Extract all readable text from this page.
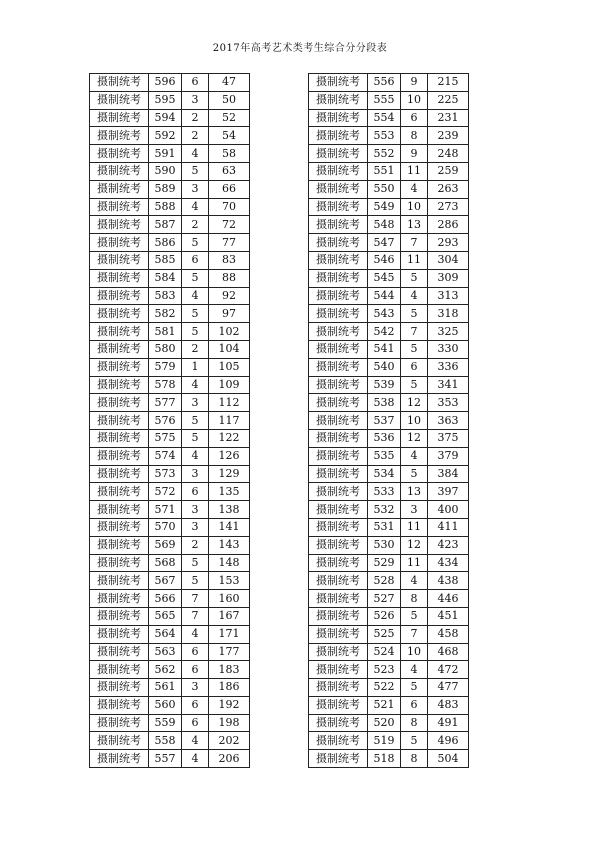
2017年高考艺术类考生综合分分段表
摄制统考	596	6	47
摄制统考	595	3	50
摄制统考	594	2	52
摄制统考	592	2	54
摄制统考	591	4	58
摄制统考	590	5	63
摄制统考	589	3	66
摄制统考	588	4	70
摄制统考	587	2	72
摄制统考	586	5	77
摄制统考	585	6	83
摄制统考	584	5	88
摄制统考	583	4	92
摄制统考	582	5	97
摄制统考	581	5	102
摄制统考	580	2	104
摄制统考	579	1	105
摄制统考	578	4	109
摄制统考	577	3	112
摄制统考	576	5	117
摄制统考	575	5	122
摄制统考	574	4	126
摄制统考	573	3	129
摄制统考	572	6	135
摄制统考	571	3	138
摄制统考	570	3	141
摄制统考	569	2	143
摄制统考	568	5	148
摄制统考	567	5	153
摄制统考	566	7	160
摄制统考	565	7	167
摄制统考	564	4	171
摄制统考	563	6	177
摄制统考	562	6	183
摄制统考	561	3	186
摄制统考	560	6	192
摄制统考	559	6	198
摄制统考	558	4	202
摄制统考	557	4	206
摄制统考	556	9	215
摄制统考	555	10	225
摄制统考	554	6	231
摄制统考	553	8	239
摄制统考	552	9	248
摄制统考	551	11	259
摄制统考	550	4	263
摄制统考	549	10	273
摄制统考	548	13	286
摄制统考	547	7	293
摄制统考	546	11	304
摄制统考	545	5	309
摄制统考	544	4	313
摄制统考	543	5	318
摄制统考	542	7	325
摄制统考	541	5	330
摄制统考	540	6	336
摄制统考	539	5	341
摄制统考	538	12	353
摄制统考	537	10	363
摄制统考	536	12	375
摄制统考	535	4	379
摄制统考	534	5	384
摄制统考	533	13	397
摄制统考	532	3	400
摄制统考	531	11	411
摄制统考	530	12	423
摄制统考	529	11	434
摄制统考	528	4	438
摄制统考	527	8	446
摄制统考	526	5	451
摄制统考	525	7	458
摄制统考	524	10	468
摄制统考	523	4	472
摄制统考	522	5	477
摄制统考	521	6	483
摄制统考	520	8	491
摄制统考	519	5	496
摄制统考	518	8	504
